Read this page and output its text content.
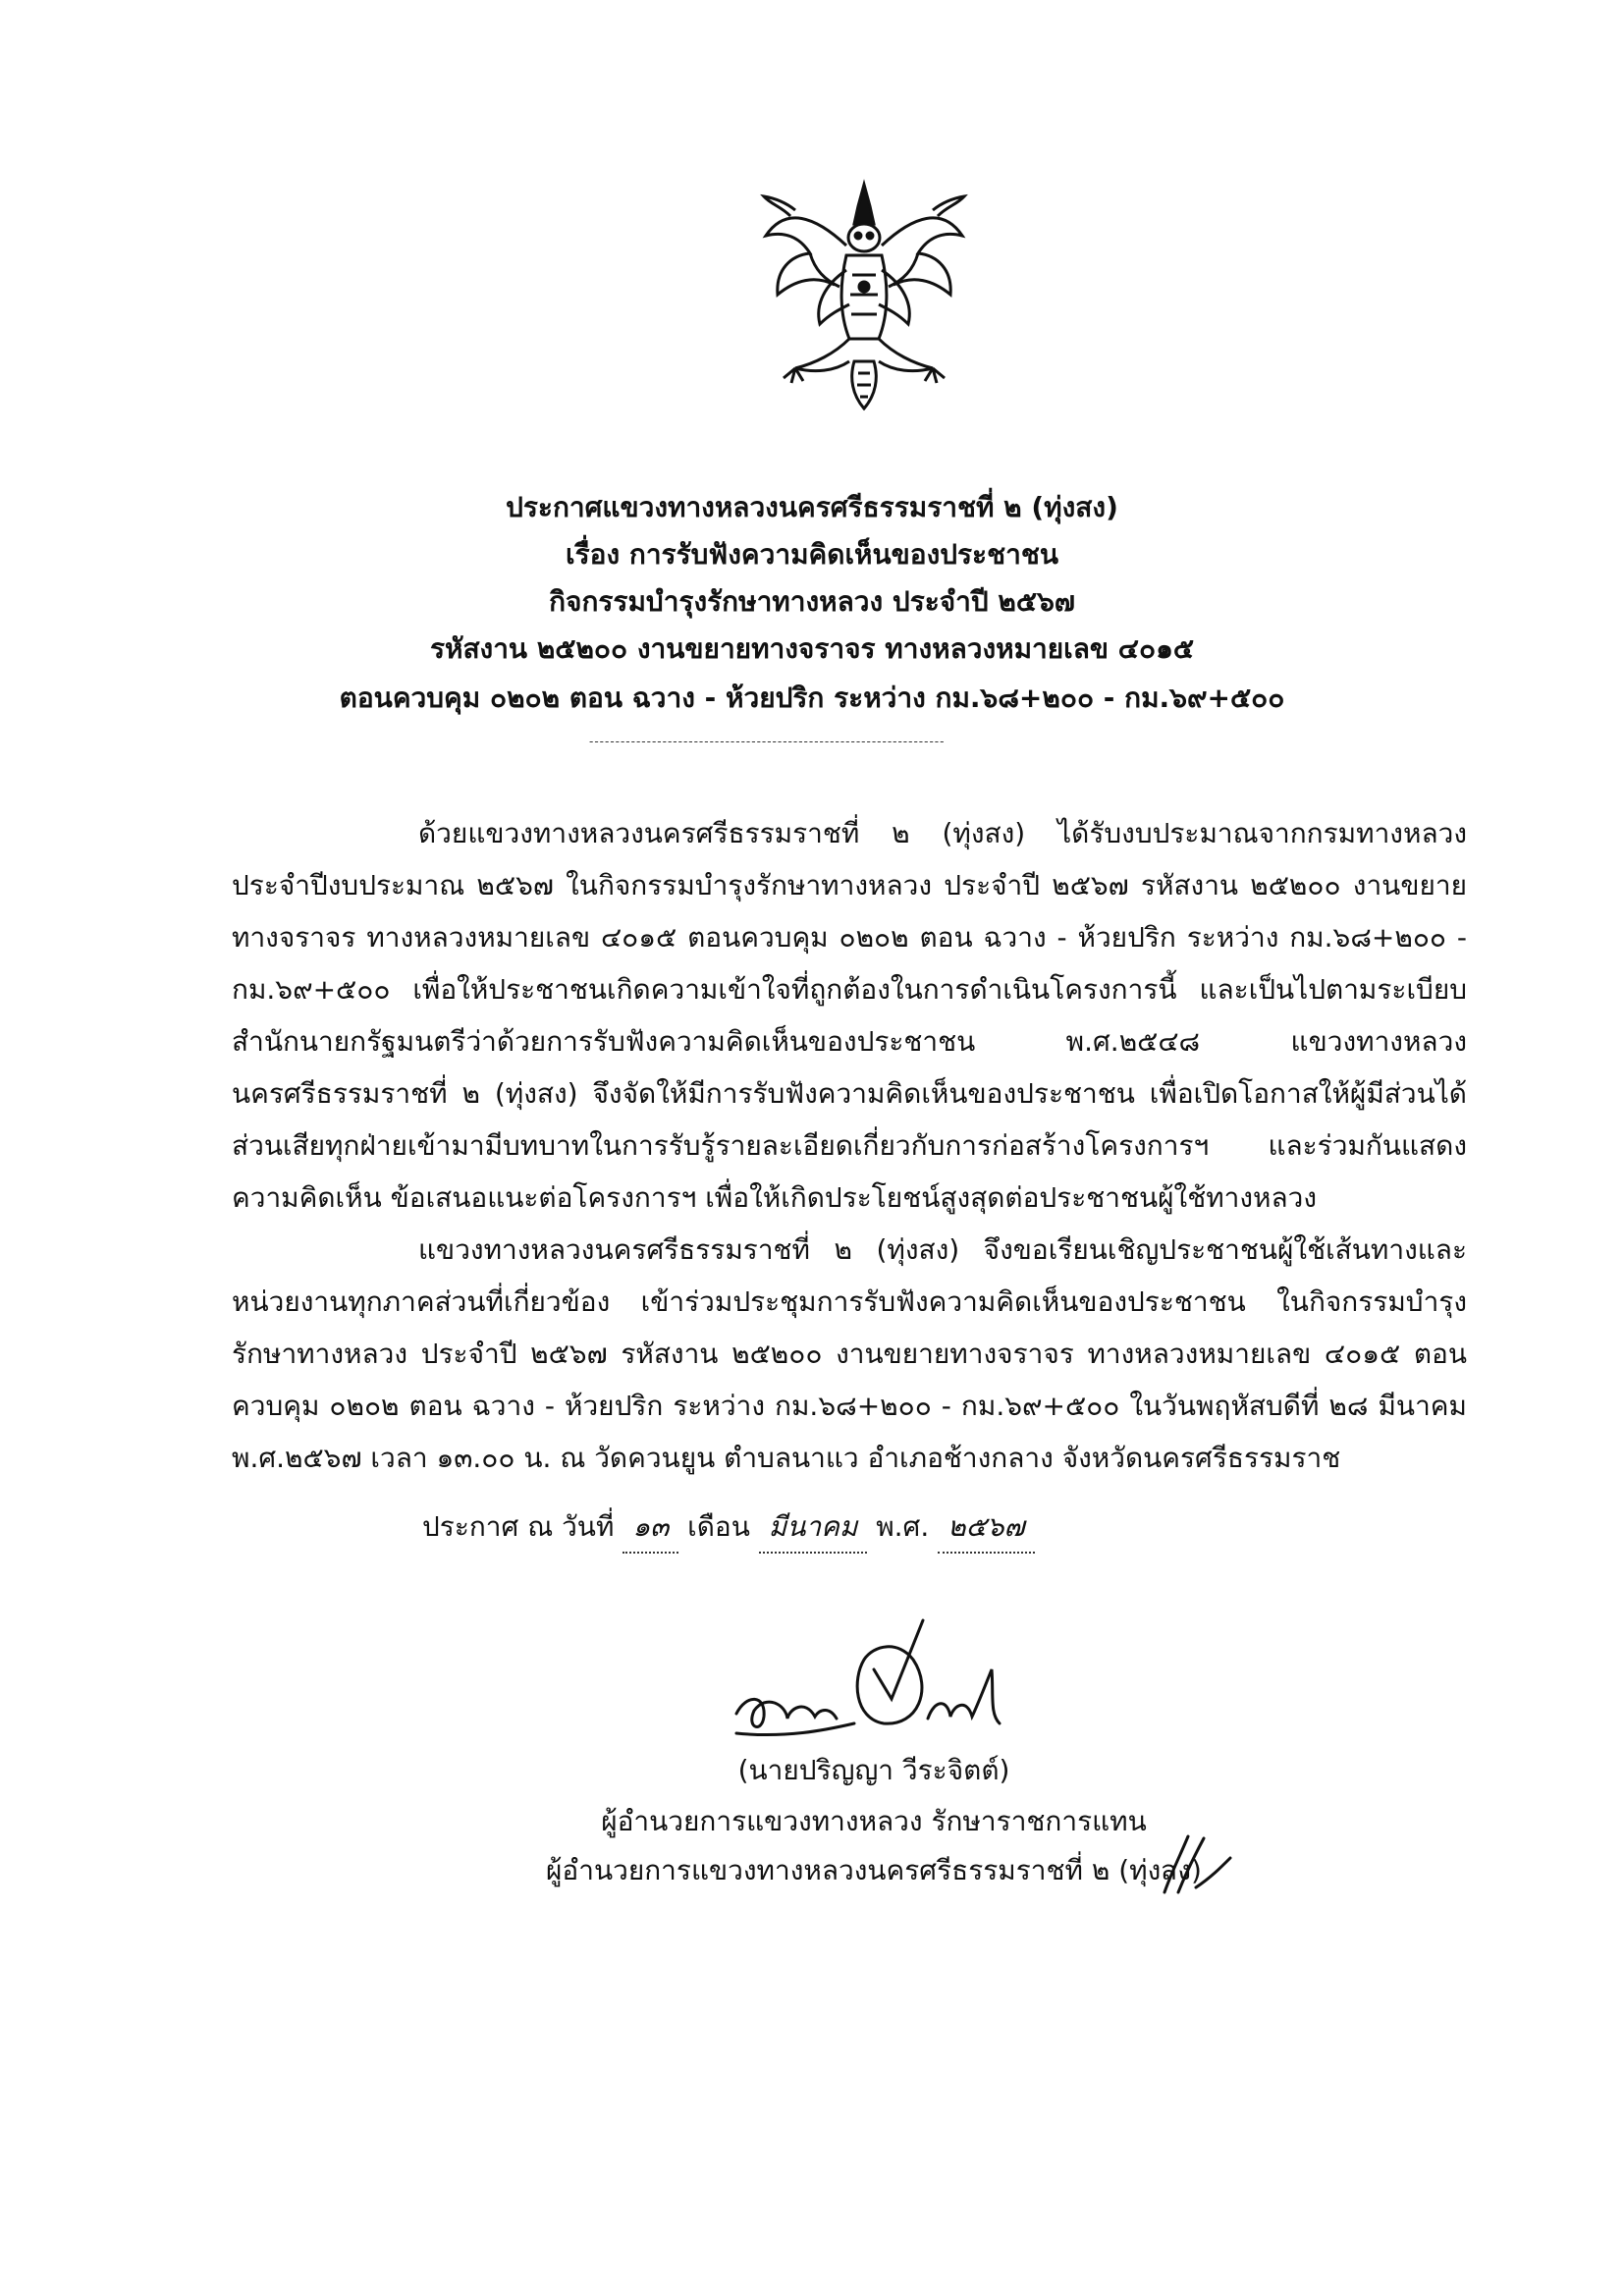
ประกาศแขวงทางหลวงนครศรีธรรมราชที่ ๒ (ทุ่งสง)

เรื่อง การรับฟังความคิดเห็นของประชาชน

กิจกรรมบำรุงรักษาทางหลวง ประจำปี ๒๕๖๗

รหัสงาน ๒๕๒๐๐ งานขยายทางจราจร ทางหลวงหมายเลข ๔๐๑๕

ตอนควบคุม ๐๒๐๒ ตอน ฉวาง - ห้วยปริก ระหว่าง กม.๖๘+๒๐๐ - กม.๖๙+๕๐๐

--------------------------------------------------------------------

ด้วยแขวงทางหลวงนครศรีธรรมราชที่ ๒ (ทุ่งสง) ได้รับงบประมาณจากกรมทางหลวงประจำปีงบประมาณ ๒๕๖๗ ในกิจกรรมบำรุงรักษาทางหลวง ประจำปี ๒๕๖๗ รหัสงาน ๒๕๒๐๐ งานขยายทางจราจร ทางหลวงหมายเลข ๔๐๑๕ ตอนควบคุม ๐๒๐๒ ตอน ฉวาง - ห้วยปริก ระหว่าง กม.๖๘+๒๐๐ - กม.๖๙+๕๐๐ เพื่อให้ประชาชนเกิดความเข้าใจที่ถูกต้องในการดำเนินโครงการนี้ และเป็นไปตามระเบียบสำนักนายกรัฐมนตรีว่าด้วยการรับฟังความคิดเห็นของประชาชน พ.ศ.๒๕๔๘ แขวงทางหลวงนครศรีธรรมราชที่ ๒ (ทุ่งสง) จึงจัดให้มีการรับฟังความคิดเห็นของประชาชน เพื่อเปิดโอกาสให้ผู้มีส่วนได้ส่วนเสียทุกฝ่ายเข้ามามีบทบาทในการรับรู้รายละเอียดเกี่ยวกับการก่อสร้างโครงการฯ และร่วมกันแสดงความคิดเห็น ข้อเสนอแนะต่อโครงการฯ เพื่อให้เกิดประโยชน์สูงสุดต่อประชาชนผู้ใช้ทางหลวง

แขวงทางหลวงนครศรีธรรมราชที่ ๒ (ทุ่งสง) จึงขอเรียนเชิญประชาชนผู้ใช้เส้นทางและหน่วยงานทุกภาคส่วนที่เกี่ยวข้อง เข้าร่วมประชุมการรับฟังความคิดเห็นของประชาชน ในกิจกรรมบำรุงรักษาทางหลวง ประจำปี ๒๕๖๗ รหัสงาน ๒๕๒๐๐ งานขยายทางจราจร ทางหลวงหมายเลข ๔๐๑๕ ตอนควบคุม ๐๒๐๒ ตอน ฉวาง - ห้วยปริก ระหว่าง กม.๖๘+๒๐๐ - กม.๖๙+๕๐๐ ในวันพฤหัสบดีที่ ๒๘ มีนาคม พ.ศ.๒๕๖๗ เวลา ๑๓.๐๐ น. ณ วัดควนยูน ตำบลนาแว อำเภอช้างกลาง จังหวัดนครศรีธรรมราช

ประกาศ ณ วันที่ ๑๓ เดือน มีนาคม พ.ศ. ๒๕๖๗

(นายปริญญา วีระจิตต์)

ผู้อำนวยการแขวงทางหลวง รักษาราชการแทน

ผู้อำนวยการแขวงทางหลวงนครศรีธรรมราชที่ ๒ (ทุ่งสง)
